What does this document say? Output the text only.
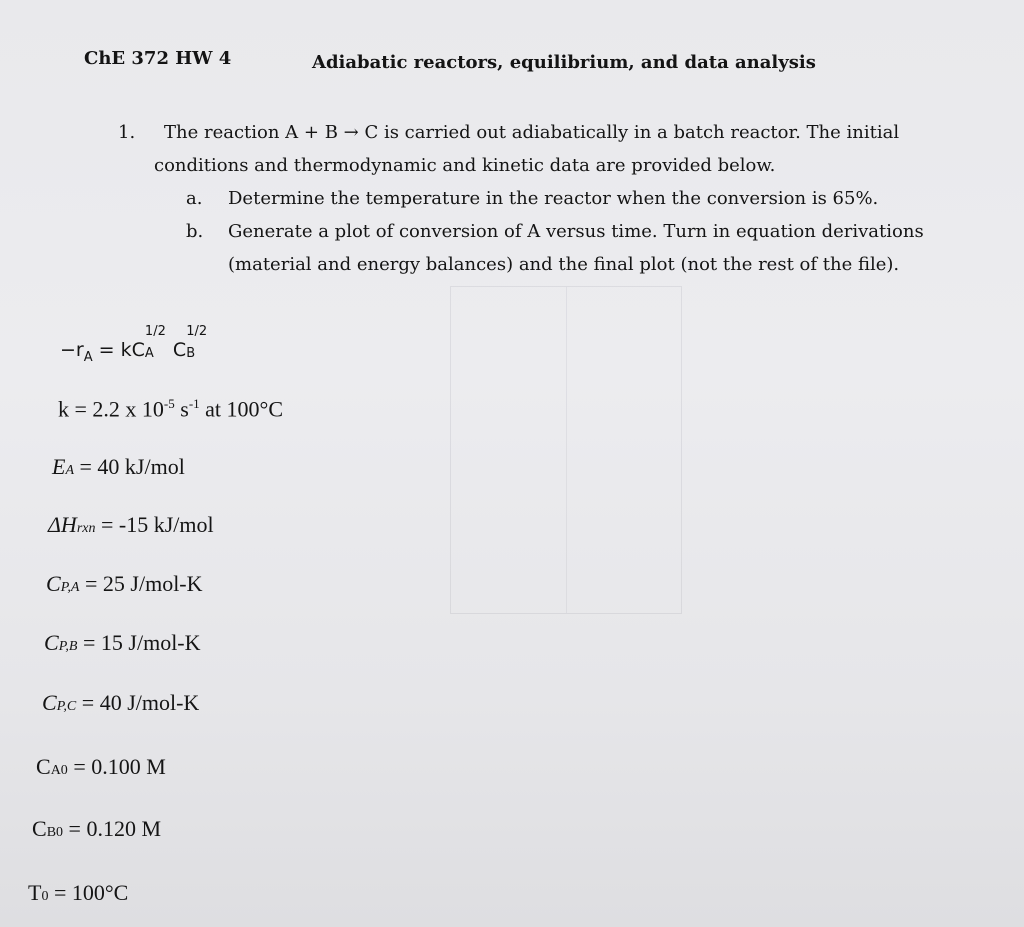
ChE 372 HW 4	Adiabatic reactors, equilibrium, and data analysis
1. The reaction A + B → C is carried out adiabatically in a batch reactor. The initial
conditions and thermodynamic and kinetic data are provided below.
a. Determine the temperature in the reactor when the conversion is 65%.
b. Generate a plot of conversion of A versus time. Turn in equation derivations
(material and energy balances) and the final plot (not the rest of the file).
$-r_A$ = kC
1/2
A C
1/2
B
k = 2.2 x $10^{-5}$ $s^{-1}$ at 100°C
EA = 40 kJ/mol
ΔHrxn = -15 kJ/mol
CP,A = 25 J/mol-K
CP,B = 15 J/mol-K
CP,C = 40 J/mol-K
CA0 = 0.100 M
CB0 = 0.120 M
T0 = 100°C
